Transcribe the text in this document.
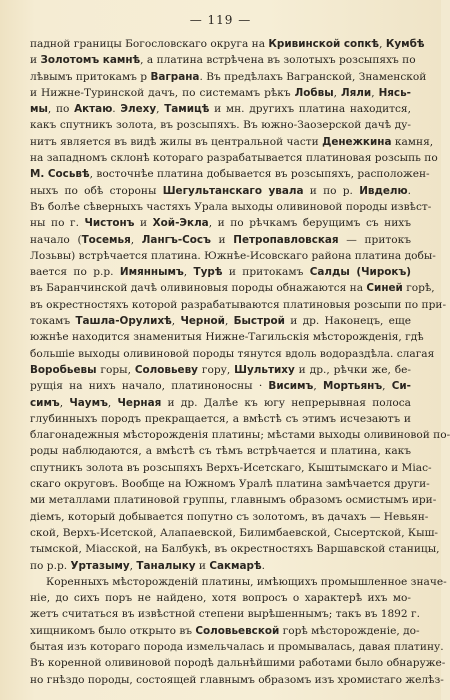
— 119 —
падной границы Богословскаго округа на Кривинской сопкѣ, Кумбѣ
и Золотомъ камнѣ, а платина встрѣчена въ золотыхъ розсыпяхъ по
лѣвымъ притокамъ р Вагрaна. Въ предѣлахъ Вагранской, Знаменской
и Нижне-Туринской дачъ, по системамъ рѣкъ Лобвы, Ляли, Нясь-
мы, по Актаю. Элеху, Тамицѣ и мн. другихъ платина находится,
какъ спутникъ золота, въ розсыпяхъ. Въ южно-Заозерской дачѣ ду-
нитъ является въ видѣ жилы въ центральной части Денежкина камня,
на западномъ склонѣ котораго разрабатывается платиновая розсыпь по
М. Сосьвѣ, восточнѣе платина добывается въ розсыпяхъ, расположен-
ныхъ по обѣ стороны Шегультанскаго увала и по р. Ивделю.
Въ болѣе сѣверныхъ частяхъ Урала выходы оливиновой породы извѣст-
ны по г. Чистонъ и Хой-Экла, и по рѣчкамъ берущимъ съ нихъ
начало (Тосемья, Лангъ-Сосъ и Петропавловская — притокъ
Лозьвы) встрѣчается платина. Южнѣе-Исовскаго района платина добы-
вается по р.р. Имяннымъ, Турѣ и притокамъ Салды (Чирокъ)
въ Баранчинской дачѣ оливиновыя породы обнажаются на Синей горѣ,
въ окрестностяхъ которой разрабатываются платиновыя розсыпи по при-
токамъ Ташла-Орулихѣ, Черной, Быстрой и др. Наконецъ, еще
южнѣе находится знаменитыя Нижне-Тагильскія мѣсторожденія, гдѣ
большіе выходы оливиновой породы тянутся вдоль водораздѣла. слагая
Воробьевы горы, Соловьеву гору, Шультиху и др., рѣчки же, бе-
рущія на нихъ начало, платиноносны · Висимъ, Мортьянъ, Си-
симъ, Чаумъ, Черная и др. Далѣе къ югу непрерывная полоса
глубинныхъ породъ прекращается, а вмѣстѣ съ этимъ исчезаютъ и
благонадежныя мѣсторожденія платины; мѣстами выходы оливиновой по-
роды наблюдаются, а вмѣстѣ съ тѣмъ встрѣчается и платина, какъ
спутникъ золота въ розсыпяхъ Верхъ-Исетскаго, Кыштымскаго и Міас-
скаго округовъ. Вообще на Южномъ Уралѣ платина замѣчается други-
ми металлами платиновой группы, главнымъ образомъ осмистымъ иpи-
діемъ, который добывается попутно съ золотомъ, въ дачахъ — Невьян-
ской, Верхъ-Исетской, Алапаевской, Билимбаевской, Сысертской, Кыш-
тымской, Міасской, на Балбукѣ, въ окрестностяхъ Варшавской станицы,
по р.р. Уртазыму, Таналыку и Сакмарѣ.
Коренныхъ мѣсторожденій платины, имѣющихъ промышленное значе-
ніе, до сихъ поръ не найдено, хотя вопросъ о характерѣ ихъ мо-
жетъ считаться въ извѣстной степени вырѣшеннымъ; такъ въ 1892 г.
хищникомъ было открыто въ Соловьевской горѣ мѣсторожденіе, до-
бытая изъ котораго порода измельчалась и промывалась, давая платину.
Въ коренной оливиновой породѣ дальнѣйшими работами было обнаруже-
но гнѣздо породы, состоящей главнымъ образомъ изъ хромистаго желѣз-
